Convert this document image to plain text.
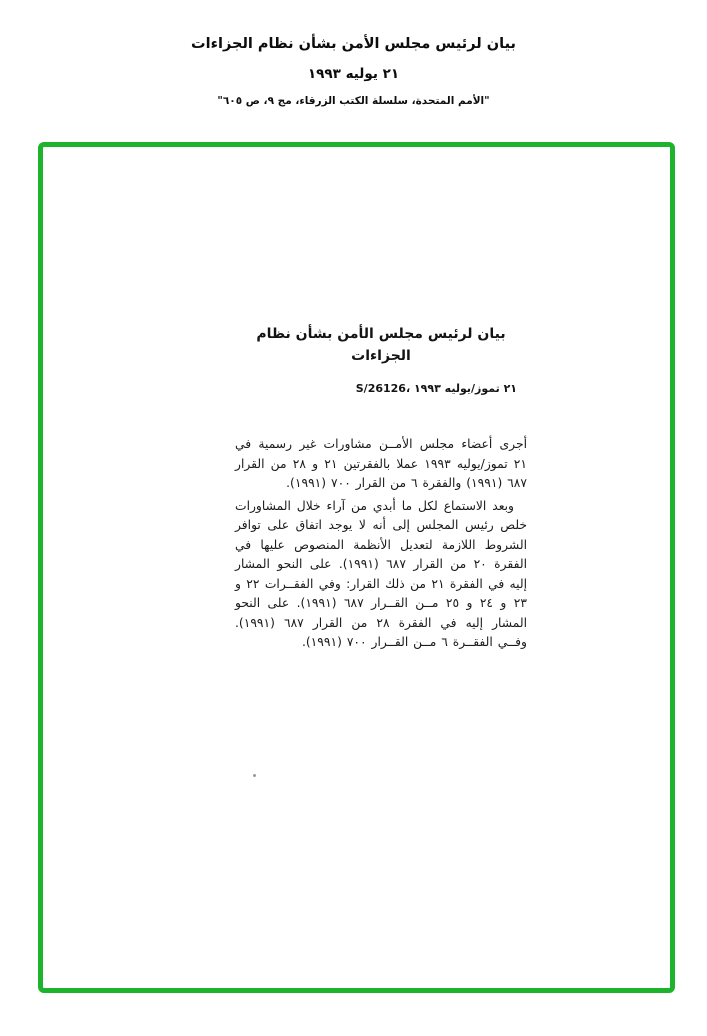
بيان لرئيس مجلس الأمن بشأن نظام الجزاءات
٢١ يوليه ١٩٩٣
"الأمم المتحدة، سلسلة الكتب الزرقاء، مج ٩، ص ٦٠٥"
بيان لرئيس مجلس الأمن بشأن نظام الجزاءات
S/26126، ٢١ تموز/يوليه ١٩٩٣

أجرى أعضاء مجلس الأمــن مشاورات غير رسمية في ٢١ تموز/يوليه ١٩٩٣ عملا بالفقرتين ٢١ و ٢٨ من القرار ٦٨٧ (١٩٩١) والفقرة ٦ من القرار ٧٠٠ (١٩٩١).

وبعد الاستماع لكل ما أبدي من آراء خلال المشاورات خلص رئيس المجلس إلى أنه لا يوجد اتفاق على توافر الشروط اللازمة لتعديل الأنظمة المنصوص عليها في الفقرة ٢٠ من القرار ٦٨٧ (١٩٩١). على النحو المشار إليه في الفقرة ٢١ من ذلك القرار: وفي الفقــرات ٢٢ و ٢٣ و ٢٤ و ٢٥ مــن القــرار ٦٨٧ (١٩٩١). على النحو المشار إليه في الفقرة ٢٨ من القرار ٦٨٧ (١٩٩١). وفــي الفقــرة ٦ مــن القــرار ٧٠٠ (١٩٩١).
